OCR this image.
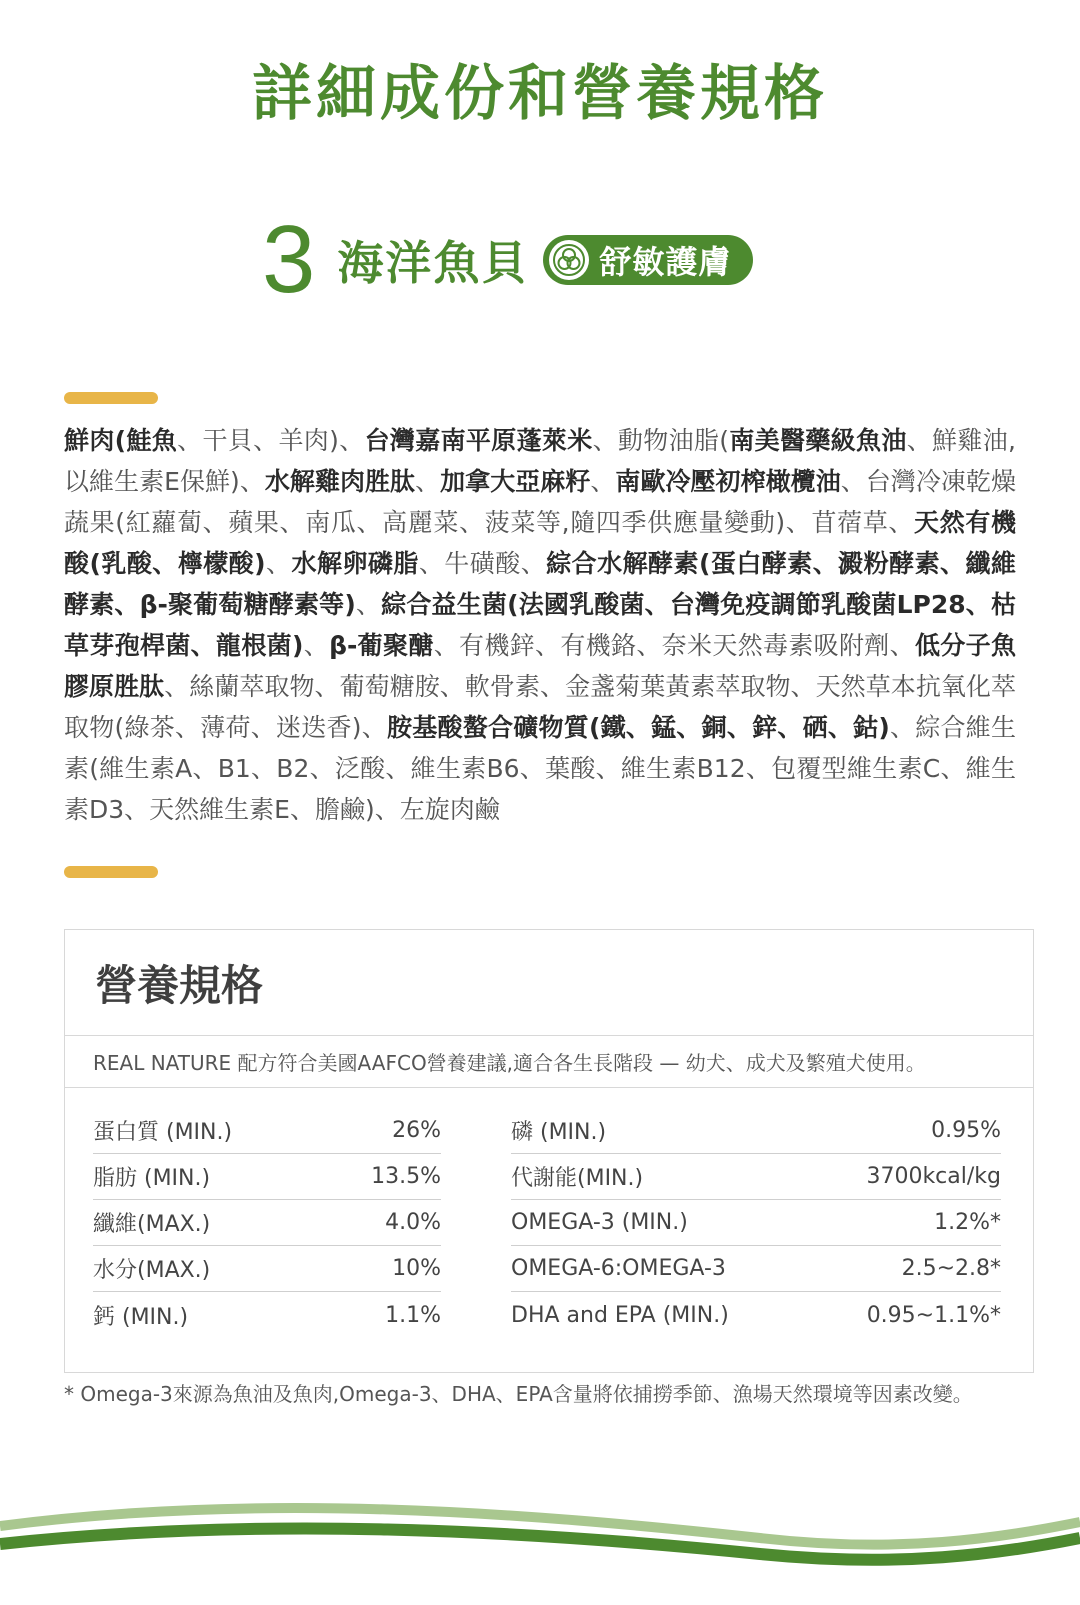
詳細成份和營養規格
3 海洋魚貝 舒敏護膚

鮮肉(鮭魚、干貝、羊肉)、台灣嘉南平原蓬萊米、動物油脂(南美醫藥級魚油、鮮雞油,以維生素E保鮮)、水解雞肉胜肽、加拿大亞麻籽、南歐冷壓初榨橄欖油、台灣冷凍乾燥蔬果(紅蘿蔔、蘋果、南瓜、高麗菜、菠菜等,隨四季供應量變動)、苜蓿草、天然有機酸(乳酸、檸檬酸)、水解卵磷脂、牛磺酸、綜合水解酵素(蛋白酵素、澱粉酵素、纖維酵素、β-聚葡萄糖酵素等)、綜合益生菌(法國乳酸菌、台灣免疫調節乳酸菌LP28、枯草芽孢桿菌、龍根菌)、β-葡聚醣、有機鋅、有機鉻、奈米天然毒素吸附劑、低分子魚膠原胜肽、絲蘭萃取物、葡萄糖胺、軟骨素、金盞菊葉黃素萃取物、天然草本抗氧化萃取物(綠茶、薄荷、迷迭香)、胺基酸螯合礦物質(鐵、錳、銅、鋅、硒、鈷)、綜合維生素(維生素A、B1、B2、泛酸、維生素B6、葉酸、維生素B12、包覆型維生素C、維生素D3、天然維生素E、膽鹼)、左旋肉鹼

營養規格
REAL NATURE 配方符合美國AAFCO營養建議,適合各生長階段 — 幼犬、成犬及繁殖犬使用。
蛋白質 (MIN.)	26%
脂肪 (MIN.)	13.5%
纖維(MAX.)	4.0%
水分(MAX.)	10%
鈣 (MIN.)	1.1%
磷 (MIN.)	0.95%
代謝能(MIN.)	3700kcal/kg
OMEGA-3 (MIN.)	1.2%*
OMEGA-6:OMEGA-3	2.5~2.8*
DHA and EPA (MIN.)	0.95~1.1%*

* Omega-3來源為魚油及魚肉,Omega-3、DHA、EPA含量將依捕撈季節、漁場天然環境等因素改變。
